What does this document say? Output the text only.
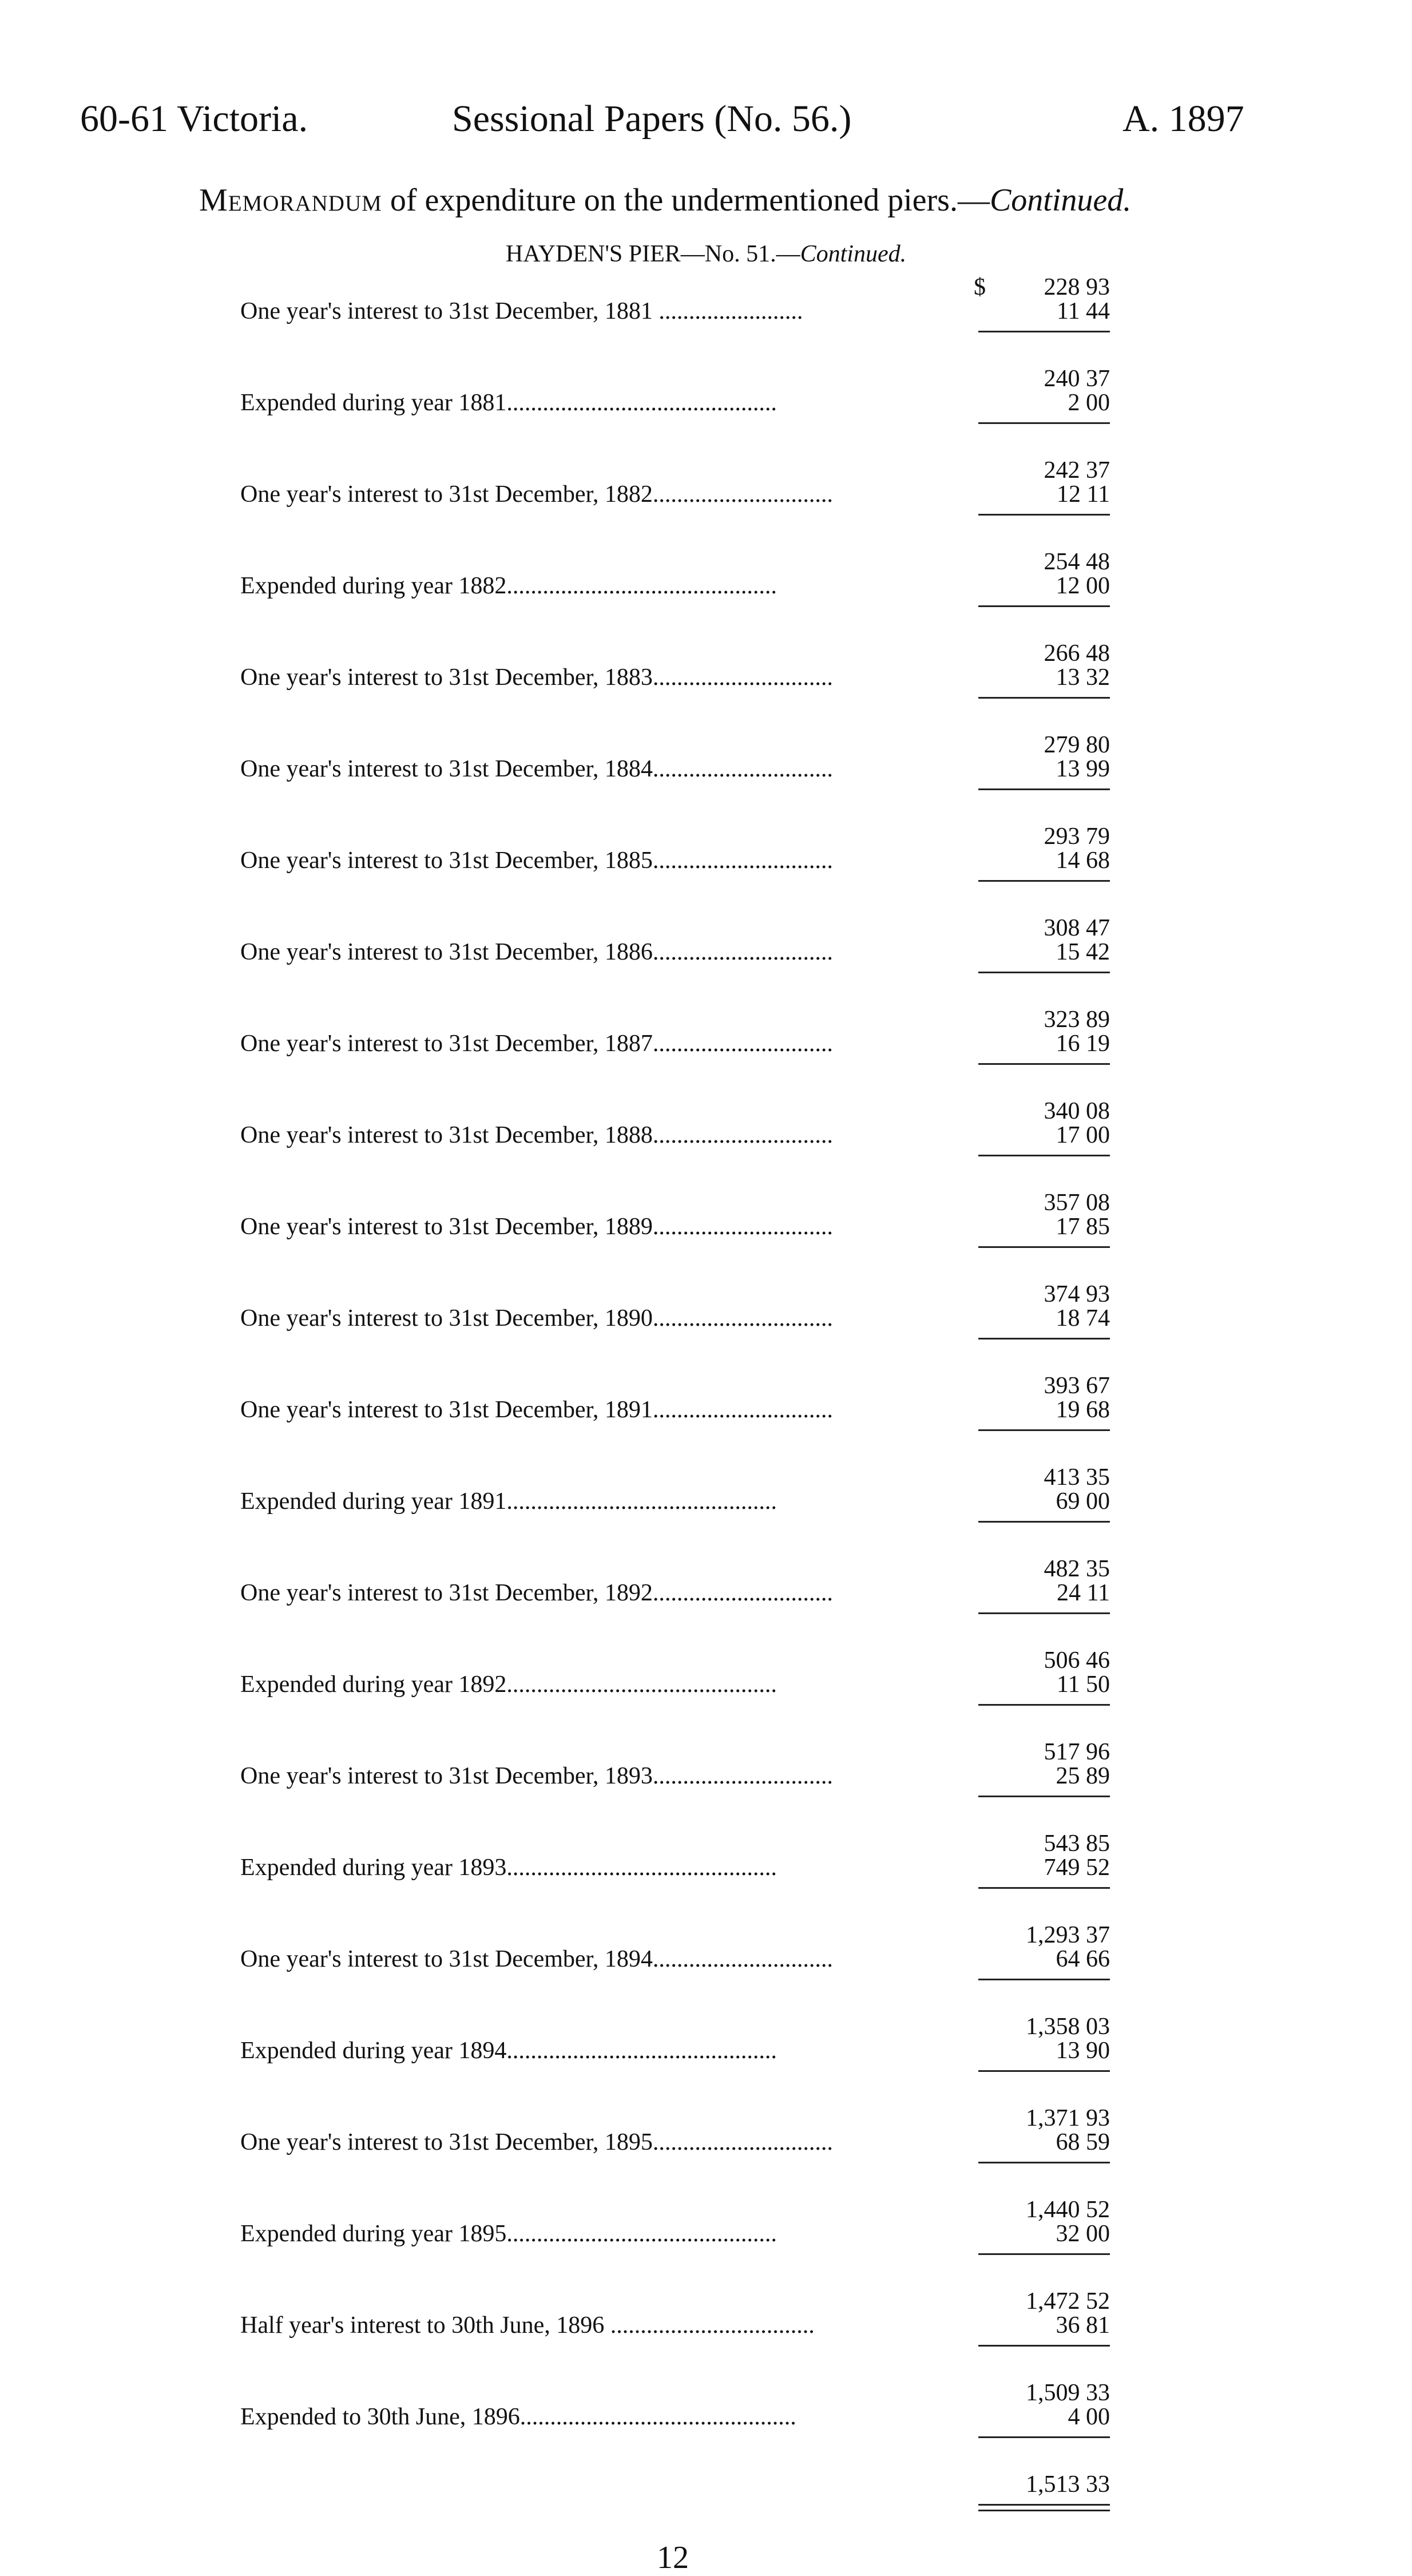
60-61 Victoria.	Sessional Papers (No. 56.)	A. 1897
Memorandum of expenditure on the undermentioned piers.—Continued.
HAYDEN'S PIER—No. 51.—Continued.
$ 228 93
One year's interest to 31st December, 1881 ........................	11 44
240 37
Expended during year 1881.............................................	2 00
242 37
One year's interest to 31st December, 1882..............................	12 11
254 48
Expended during year 1882.............................................	12 00
266 48
One year's interest to 31st December, 1883..............................	13 32
279 80
One year's interest to 31st December, 1884..............................	13 99
293 79
One year's interest to 31st December, 1885..............................	14 68
308 47
One year's interest to 31st December, 1886..............................	15 42
323 89
One year's interest to 31st December, 1887..............................	16 19
340 08
One year's interest to 31st December, 1888..............................	17 00
357 08
One year's interest to 31st December, 1889..............................	17 85
374 93
One year's interest to 31st December, 1890..............................	18 74
393 67
One year's interest to 31st December, 1891..............................	19 68
413 35
Expended during year 1891.............................................	69 00
482 35
One year's interest to 31st December, 1892..............................	24 11
506 46
Expended during year 1892.............................................	11 50
517 96
One year's interest to 31st December, 1893..............................	25 89
543 85
Expended during year 1893.............................................	749 52
1,293 37
One year's interest to 31st December, 1894..............................	64 66
1,358 03
Expended during year 1894.............................................	13 90
1,371 93
One year's interest to 31st December, 1895..............................	68 59
1,440 52
Expended during year 1895.............................................	32 00
1,472 52
Half year's interest to 30th June, 1896 ..................................	36 81
1,509 33
Expended to 30th June, 1896..............................................	4 00
1,513 33
12
